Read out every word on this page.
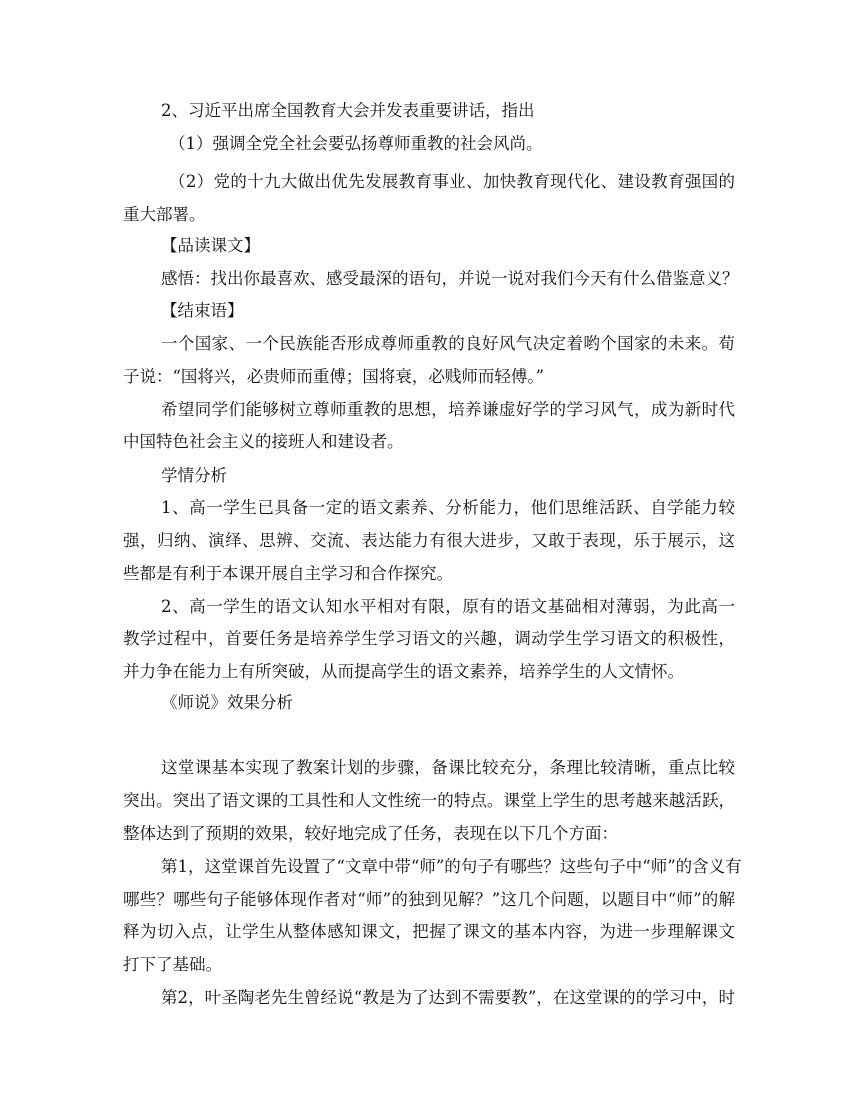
2、习近平出席全国教育大会并发表重要讲话，指出
（1）强调全党全社会要弘扬尊师重教的社会风尚。
（2）党的十九大做出优先发展教育事业、加快教育现代化、建设教育强国的
重大部署。
【品读课文】
感悟：找出你最喜欢、感受最深的语句，并说一说对我们今天有什么借鉴意义？
【结束语】
一个国家、一个民族能否形成尊师重教的良好风气决定着哟个国家的未来。荀
子说：“国将兴，必贵师而重傅；国将衰，必贱师而轻傅。”
希望同学们能够树立尊师重教的思想，培养谦虚好学的学习风气，成为新时代
中国特色社会主义的接班人和建设者。
学情分析
1、高一学生已具备一定的语文素养、分析能力，他们思维活跃、自学能力较
强，归纳、演绎、思辨、交流、表达能力有很大进步，又敢于表现，乐于展示，这
些都是有利于本课开展自主学习和合作探究。
2、高一学生的语文认知水平相对有限，原有的语文基础相对薄弱，为此高一
教学过程中，首要任务是培养学生学习语文的兴趣，调动学生学习语文的积极性，
并力争在能力上有所突破，从而提高学生的语文素养，培养学生的人文情怀。
《师说》效果分析
这堂课基本实现了教案计划的步骤，备课比较充分，条理比较清晰，重点比较
突出。突出了语文课的工具性和人文性统一的特点。课堂上学生的思考越来越活跃，
整体达到了预期的效果，较好地完成了任务，表现在以下几个方面：
第1，这堂课首先设置了“文章中带“师”的句子有哪些？这些句子中“师”的含义有
哪些？哪些句子能够体现作者对“师”的独到见解？”这几个问题，以题目中“师”的解
释为切入点，让学生从整体感知课文，把握了课文的基本内容，为进一步理解课文
打下了基础。
第2，叶圣陶老先生曾经说“教是为了达到不需要教”，在这堂课的的学习中，时
